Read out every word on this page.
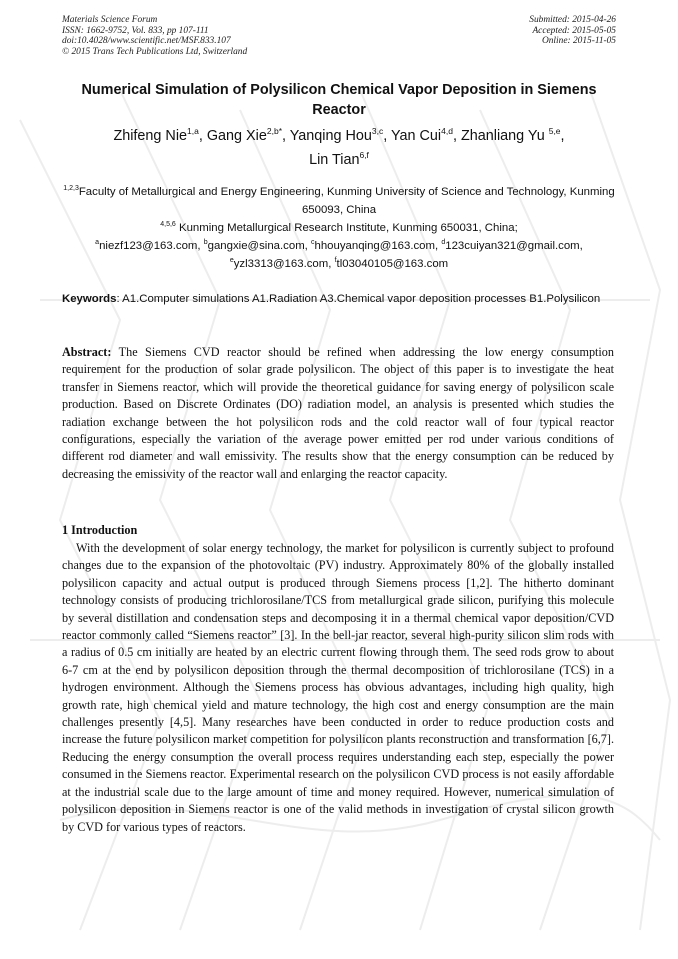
Materials Science Forum
ISSN: 1662-9752, Vol. 833, pp 107-111
doi:10.4028/www.scientific.net/MSF.833.107
© 2015 Trans Tech Publications Ltd, Switzerland
Submitted: 2015-04-26
Accepted: 2015-05-05
Online: 2015-11-05
Numerical Simulation of Polysilicon Chemical Vapor Deposition in Siemens Reactor
Zhifeng Nie$^{1,a}$, Gang Xie$^{2,b*}$, Yanqing Hou$^{3,c}$, Yan Cui$^{4,d}$, Zhanliang Yu $^{5,e}$,
Lin Tian$^{6,f}$
$^{1,2,3}$Faculty of Metallurgical and Energy Engineering, Kunming University of Science and Technology, Kunming 650093, China
$^{4,5,6}$ Kunming Metallurgical Research Institute, Kunming 650031, China;
$^a$niezf123@163.com, $^b$gangxie@sina.com, $^c$hhouyanqing@163.com, $^d$123cuiyan321@gmail.com,
$^e$yzl3313@163.com, $^f$tl03040105@163.com
Keywords: A1.Computer simulations A1.Radiation A3.Chemical vapor deposition processes B1.Polysilicon
Abstract: The Siemens CVD reactor should be refined when addressing the low energy consumption requirement for the production of solar grade polysilicon. The object of this paper is to investigate the heat transfer in Siemens reactor, which will provide the theoretical guidance for saving energy of polysilicon scale production. Based on Discrete Ordinates (DO) radiation model, an analysis is presented which studies the radiation exchange between the hot polysilicon rods and the cold reactor wall of four typical reactor configurations, especially the variation of the average power emitted per rod under various conditions of different rod diameter and wall emissivity. The results show that the energy consumption can be reduced by decreasing the emissivity of the reactor wall and enlarging the reactor capacity.
1 Introduction
With the development of solar energy technology, the market for polysilicon is currently subject to profound changes due to the expansion of the photovoltaic (PV) industry. Approximately 80% of the globally installed polysilicon capacity and actual output is produced through Siemens process [1,2]. The hitherto dominant technology consists of producing trichlorosilane/TCS from metallurgical grade silicon, purifying this molecule by several distillation and condensation steps and decomposing it in a thermal chemical vapor deposition/CVD reactor commonly called “Siemens reactor” [3]. In the bell-jar reactor, several high-purity silicon slim rods with a radius of 0.5 cm initially are heated by an electric current flowing through them. The seed rods grow to about 6-7 cm at the end by polysilicon deposition through the thermal decomposition of trichlorosilane (TCS) in a hydrogen environment. Although the Siemens process has obvious advantages, including high quality, high growth rate, high chemical yield and mature technology, the high cost and energy consumption are the main challenges presently [4,5]. Many researches have been conducted in order to reduce production costs and increase the future polysilicon market competition for polysilicon plants reconstruction and transformation [6,7]. Reducing the energy consumption the overall process requires understanding each step, especially the power consumed in the Siemens reactor. Experimental research on the polysilicon CVD process is not easily affordable at the industrial scale due to the large amount of time and money required. However, numerical simulation of polysilicon deposition in Siemens reactor is one of the valid methods in investigation of crystal silicon growth by CVD for various types of reactors.
